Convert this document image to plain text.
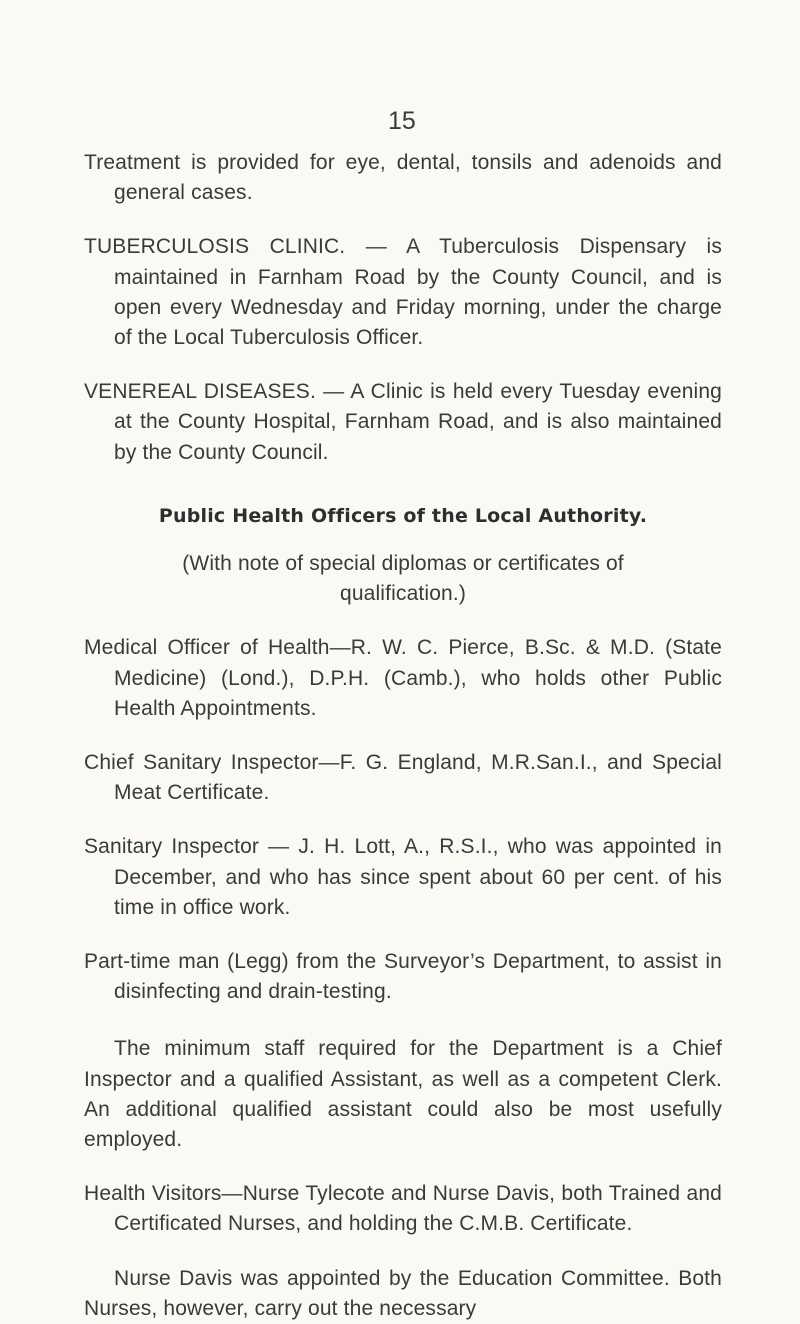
15

Treatment is provided for eye, dental, tonsils and adenoids and general cases.

TUBERCULOSIS CLINIC. — A Tuberculosis Dispensary is maintained in Farnham Road by the County Council, and is open every Wednesday and Friday morning, under the charge of the Local Tuberculosis Officer.

VENEREAL DISEASES. — A Clinic is held every Tuesday evening at the County Hospital, Farnham Road, and is also maintained by the County Council.

Public Health Officers of the Local Authority.

(With note of special diplomas or certificates of qualification.)

Medical Officer of Health—R. W. C. Pierce, B.Sc. & M.D. (State Medicine) (Lond.), D.P.H. (Camb.), who holds other Public Health Appointments.

Chief Sanitary Inspector—F. G. England, M.R.San.I., and Special Meat Certificate.

Sanitary Inspector — J. H. Lott, A., R.S.I., who was appointed in December, and who has since spent about 60 per cent. of his time in office work.

Part-time man (Legg) from the Surveyor’s Department, to assist in disinfecting and drain-testing.

The minimum staff required for the Department is a Chief Inspector and a qualified Assistant, as well as a competent Clerk. An additional qualified assistant could also be most usefully employed.

Health Visitors—Nurse Tylecote and Nurse Davis, both Trained and Certificated Nurses, and holding the C.M.B. Certificate.

Nurse Davis was appointed by the Education Committee. Both Nurses, however, carry out the necessary
